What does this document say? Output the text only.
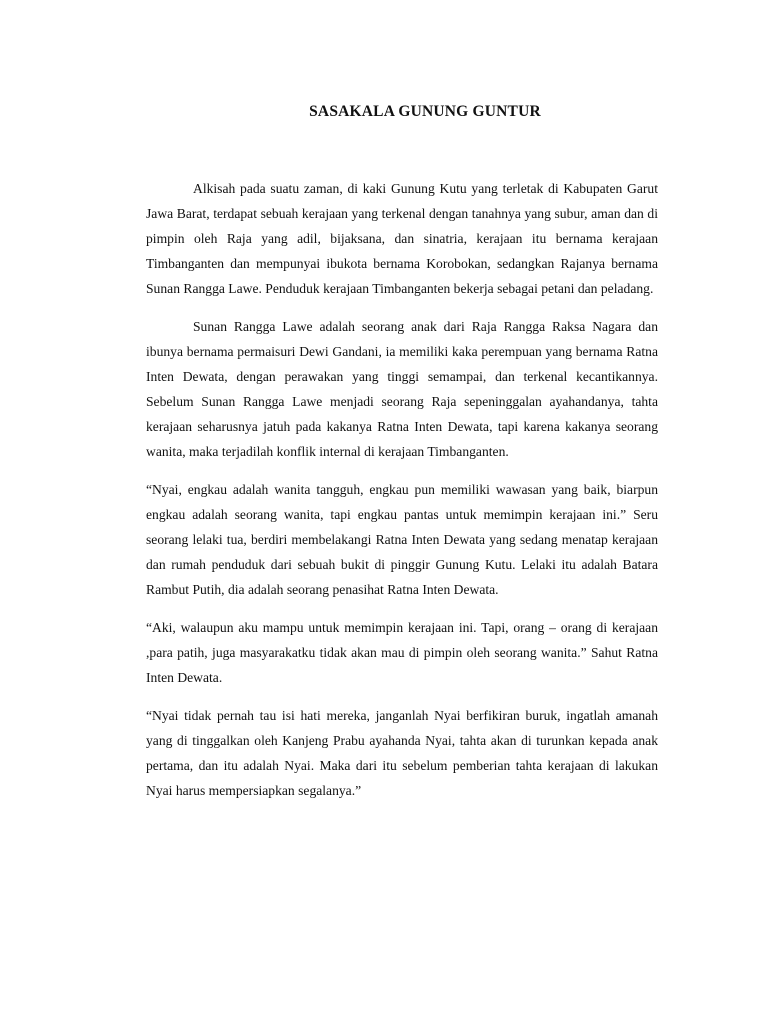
SASAKALA GUNUNG GUNTUR

Alkisah pada suatu zaman, di kaki Gunung Kutu yang terletak di Kabupaten Garut Jawa Barat, terdapat sebuah kerajaan yang terkenal dengan tanahnya yang subur, aman dan di pimpin oleh Raja yang adil, bijaksana, dan sinatria, kerajaan itu bernama kerajaan Timbanganten dan mempunyai ibukota bernama Korobokan, sedangkan Rajanya bernama Sunan Rangga Lawe. Penduduk kerajaan Timbanganten bekerja sebagai petani dan peladang.

Sunan Rangga Lawe adalah seorang anak dari Raja Rangga Raksa Nagara dan ibunya bernama permaisuri Dewi Gandani, ia memiliki kaka perempuan yang bernama Ratna Inten Dewata, dengan perawakan yang tinggi semampai, dan terkenal kecantikannya. Sebelum Sunan Rangga Lawe menjadi seorang Raja sepeninggalan ayahandanya, tahta kerajaan seharusnya jatuh pada kakanya Ratna Inten Dewata, tapi karena kakanya seorang wanita, maka terjadilah konflik internal di kerajaan Timbanganten.

“Nyai, engkau adalah wanita tangguh, engkau pun memiliki wawasan yang baik, biarpun engkau adalah seorang wanita, tapi engkau pantas untuk memimpin kerajaan ini.” Seru seorang lelaki tua, berdiri membelakangi Ratna Inten Dewata yang sedang menatap kerajaan dan rumah penduduk dari sebuah bukit di pinggir Gunung Kutu. Lelaki itu adalah Batara Rambut Putih, dia adalah seorang penasihat Ratna Inten Dewata.

“Aki, walaupun aku mampu untuk memimpin kerajaan ini. Tapi, orang – orang di kerajaan ,para patih, juga masyarakatku tidak akan mau di pimpin oleh seorang wanita.” Sahut Ratna Inten Dewata.

“Nyai tidak pernah tau isi hati mereka, janganlah Nyai berfikiran buruk, ingatlah amanah yang di tinggalkan oleh Kanjeng Prabu ayahanda Nyai, tahta akan di turunkan kepada anak pertama, dan itu adalah Nyai. Maka dari itu sebelum pemberian tahta kerajaan di lakukan Nyai harus mempersiapkan segalanya.”
